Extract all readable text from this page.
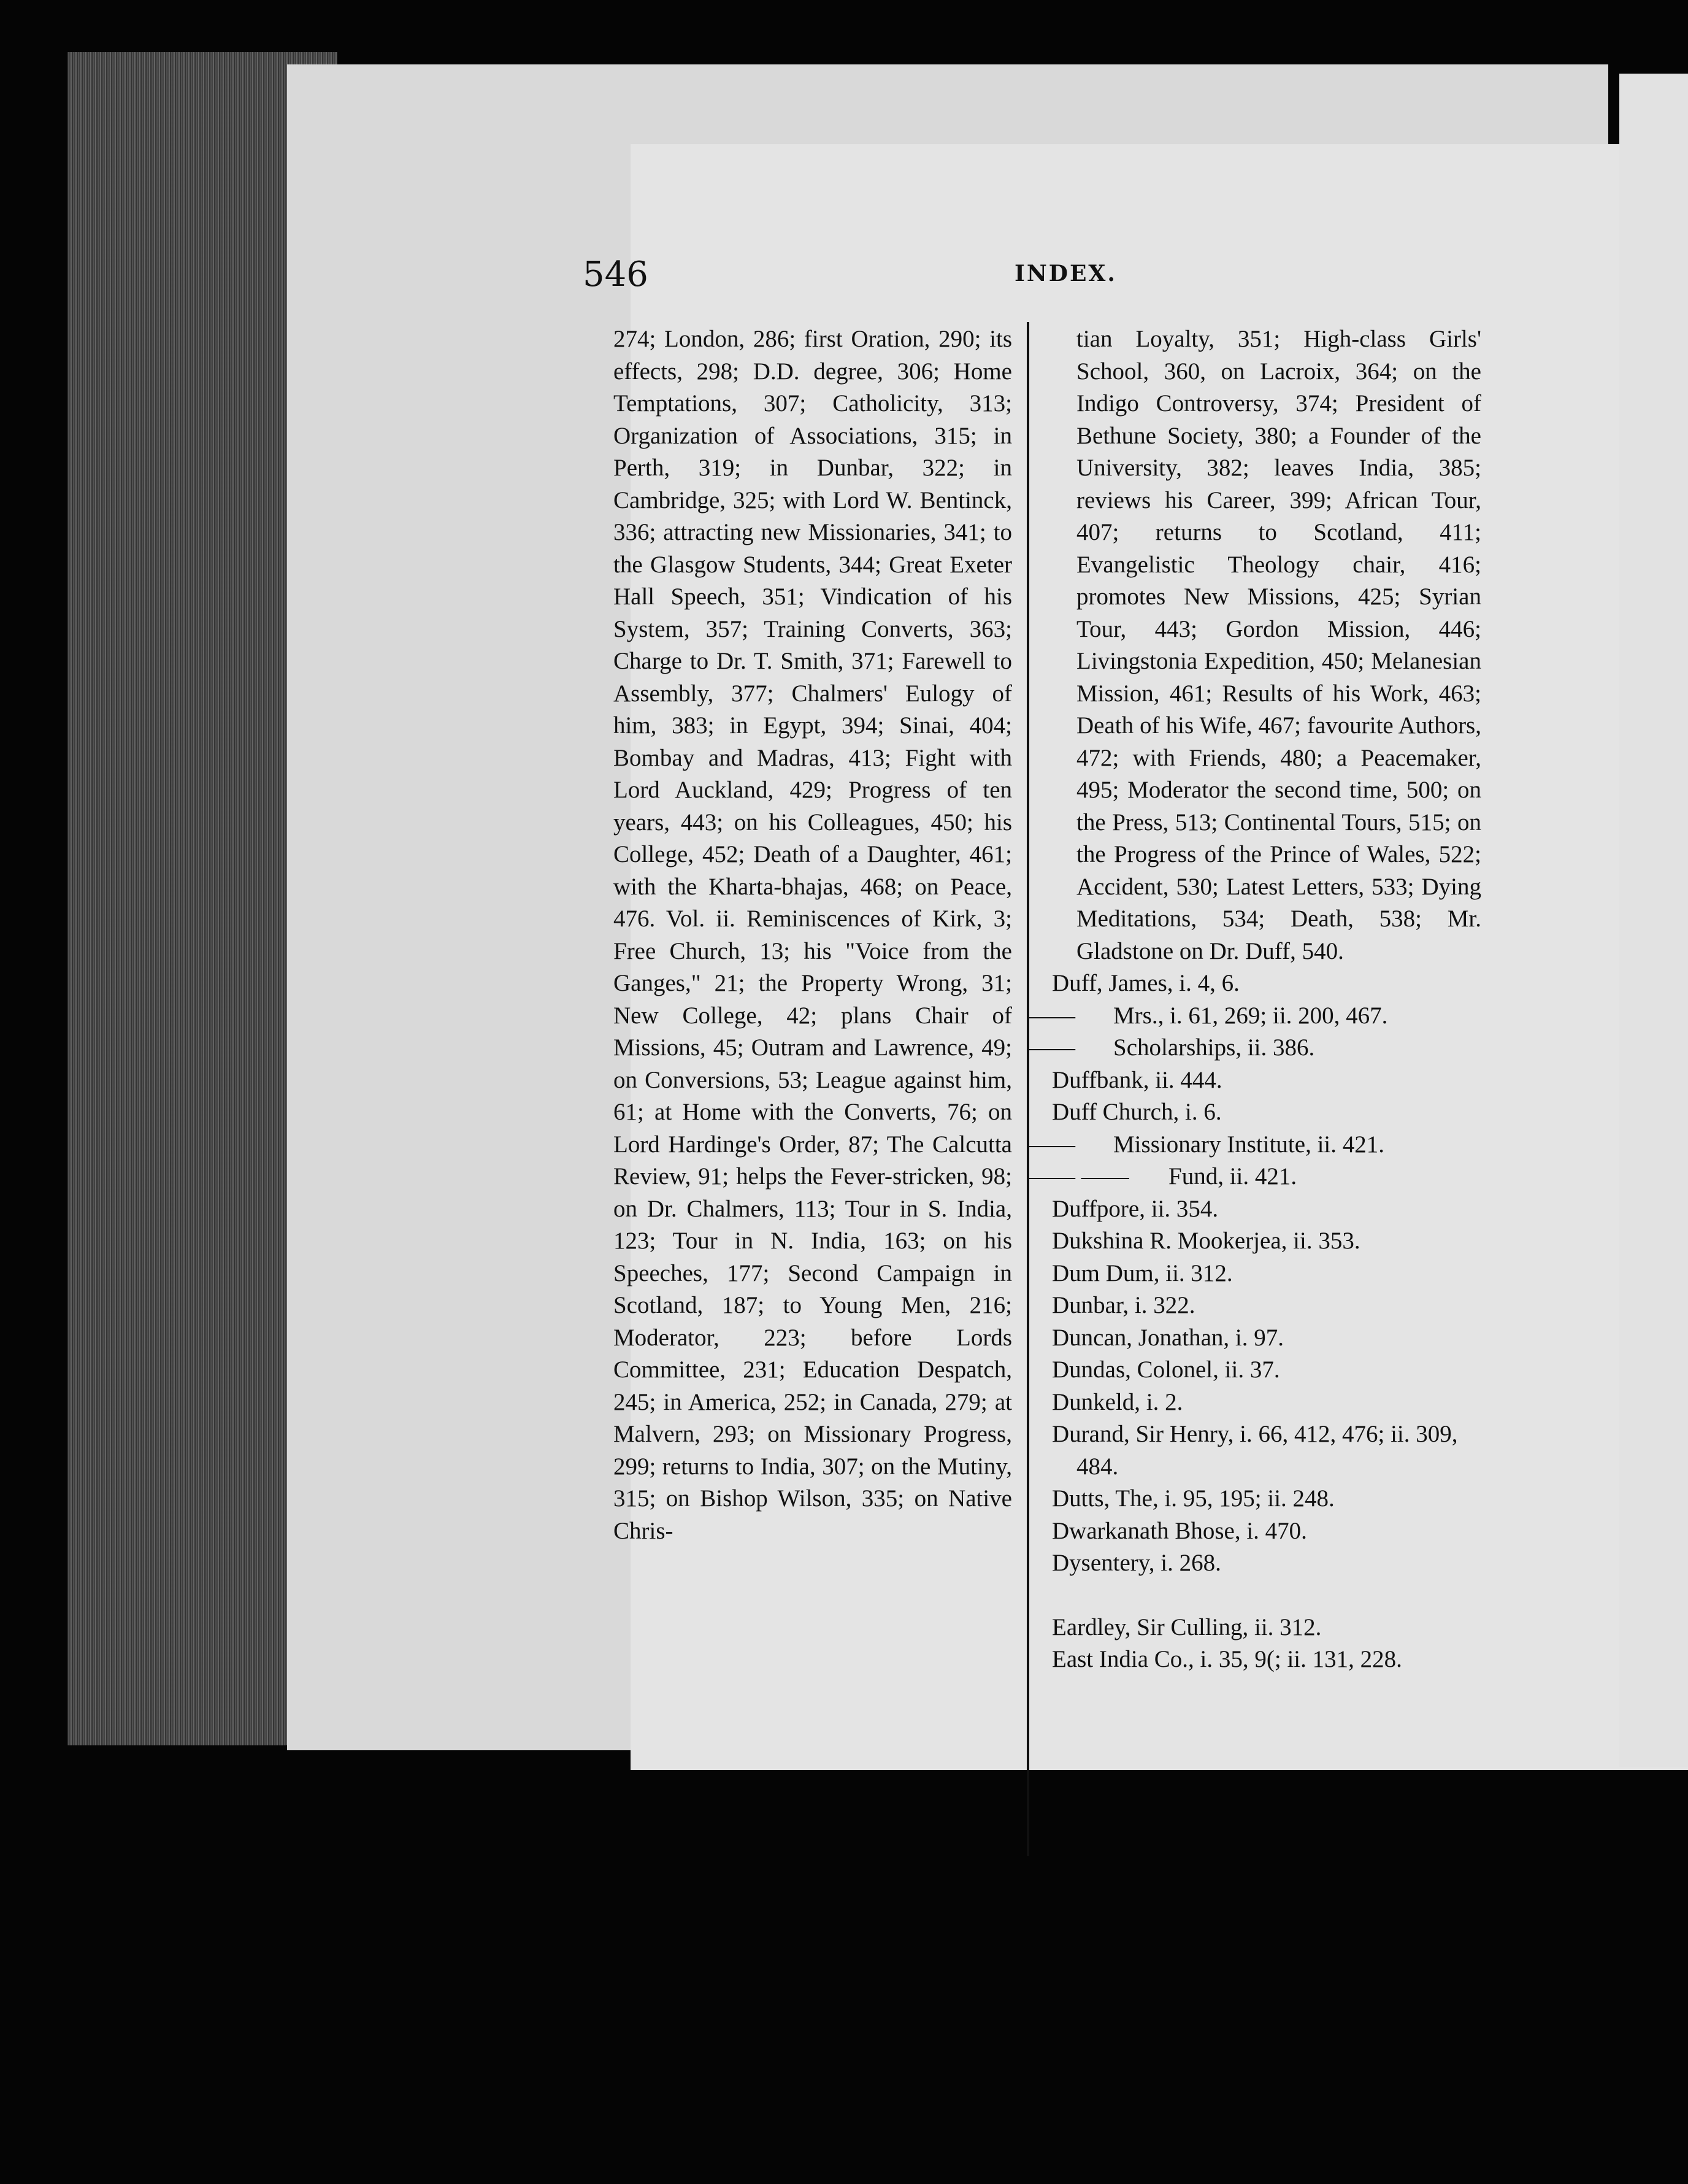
546	INDEX.
274; London, 286; first Oration, 290; its effects, 298; D.D. degree, 306; Home Temptations, 307; Catholicity, 313; Organization of Associations, 315; in Perth, 319; in Dunbar, 322; in Cambridge, 325; with Lord W. Bentinck, 336; attracting new Missionaries, 341; to the Glasgow Students, 344; Great Exeter Hall Speech, 351; Vindication of his System, 357; Training Converts, 363; Charge to Dr. T. Smith, 371; Farewell to Assembly, 377; Chalmers' Eulogy of him, 383; in Egypt, 394; Sinai, 404; Bombay and Madras, 413; Fight with Lord Auckland, 429; Progress of ten years, 443; on his Colleagues, 450; his College, 452; Death of a Daughter, 461; with the Kharta-bhajas, 468; on Peace, 476. Vol. ii. Reminiscences of Kirk, 3; Free Church, 13; his "Voice from the Ganges," 21; the Property Wrong, 31; New College, 42; plans Chair of Missions, 45; Outram and Lawrence, 49; on Conversions, 53; League against him, 61; at Home with the Converts, 76; on Lord Hardinge's Order, 87; The Calcutta Review, 91; helps the Fever-stricken, 98; on Dr. Chalmers, 113; Tour in S. India, 123; Tour in N. India, 163; on his Speeches, 177; Second Campaign in Scotland, 187; to Young Men, 216; Moderator, 223; before Lords Committee, 231; Education Despatch, 245; in America, 252; in Canada, 279; at Malvern, 293; on Missionary Progress, 299; returns to India, 307; on the Mutiny, 315; on Bishop Wilson, 335; on Native Chris-
tian Loyalty, 351; High-class Girls' School, 360, on Lacroix, 364; on the Indigo Controversy, 374; President of Bethune Society, 380; a Founder of the University, 382; leaves India, 385; reviews his Career, 399; African Tour, 407; returns to Scotland, 411; Evangelistic Theology chair, 416; promotes New Missions, 425; Syrian Tour, 443; Gordon Mission, 446; Livingstonia Expedition, 450; Melanesian Mission, 461; Results of his Work, 463; Death of his Wife, 467; favourite Authors, 472; with Friends, 480; a Peacemaker, 495; Moderator the second time, 500; on the Press, 513; Continental Tours, 515; on the Progress of the Prince of Wales, 522; Accident, 530; Latest Letters, 533; Dying Meditations, 534; Death, 538; Mr. Gladstone on Dr. Duff, 540.
Duff, James, i. 4, 6.
—— Mrs., i. 61, 269; ii. 200, 467.
—— Scholarships, ii. 386.
Duffbank, ii. 444.
Duff Church, i. 6.
—— Missionary Institute, ii. 421.
—— —— Fund, ii. 421.
Duffpore, ii. 354.
Dukshina R. Mookerjea, ii. 353.
Dum Dum, ii. 312.
Dunbar, i. 322.
Duncan, Jonathan, i. 97.
Dundas, Colonel, ii. 37.
Dunkeld, i. 2.
Durand, Sir Henry, i. 66, 412, 476; ii. 309, 484.
Dutts, The, i. 95, 195; ii. 248.
Dwarkanath Bhose, i. 470.
Dysentery, i. 268.
Eardley, Sir Culling, ii. 312.
East India Co., i. 35, 9(; ii. 131, 228.
